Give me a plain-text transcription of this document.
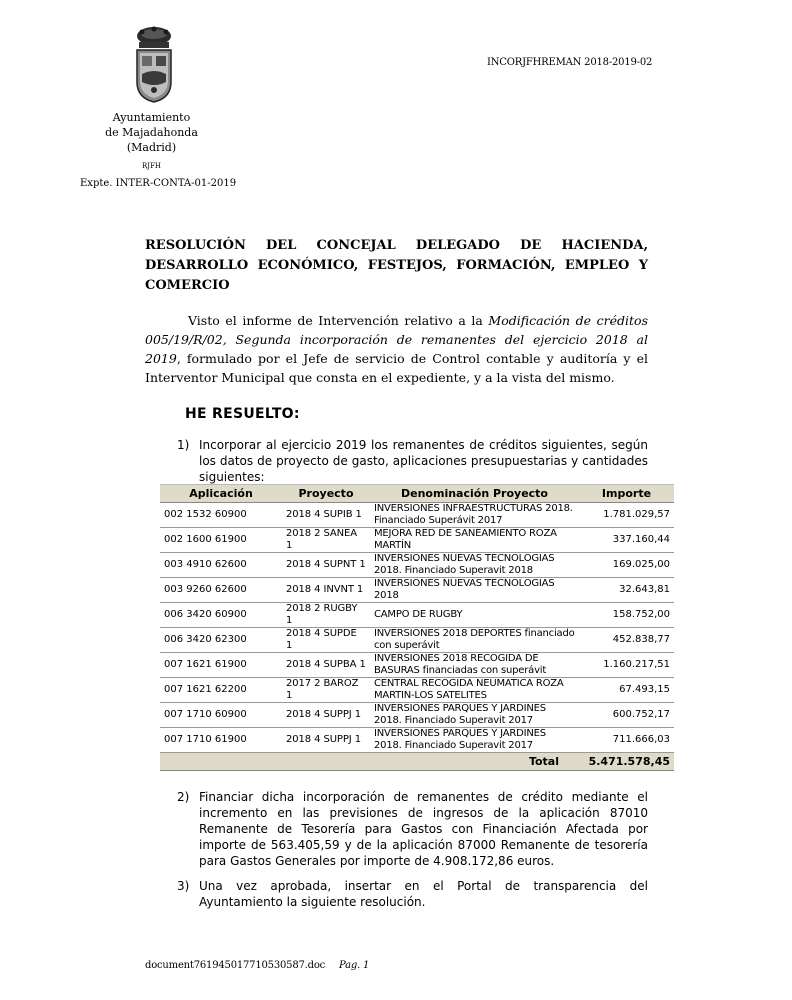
Ayuntamiento
de Majadahonda
(Madrid)
RJFH
Expte. INTER-CONTA-01-2019
INCORJFHREMAN 2018-2019-02
RESOLUCIÓN DEL CONCEJAL DELEGADO DE HACIENDA,
DESARROLLO ECONÓMICO, FESTEJOS, FORMACIÓN, EMPLEO Y
COMERCIO
Visto el informe de Intervención relativo a la Modificación de créditos
005/19/R/02, Segunda incorporación de remanentes del ejercicio 2018 al 2019, formulado por el Jefe de servicio de Control contable y auditoría y el Interventor Municipal que consta en el expediente, y a la vista del mismo.
HE RESUELTO:
1) Incorporar al ejercicio 2019 los remanentes de créditos siguientes, según los datos de proyecto de gasto, aplicaciones presupuestarias y cantidades siguientes:
Aplicación	Proyecto	Denominación Proyecto	Importe
002 1532 60900	2018 4 SUPIB 1	INVERSIONES INFRAESTRUCTURAS 2018. Financiado Superávit 2017	1.781.029,57
002 1600 61900	2018 2 SANEA 1	MEJORA RED DE SANEAMIENTO ROZA MARTÍN	337.160,44
003 4910 62600	2018 4 SUPNT 1	INVERSIONES NUEVAS TECNOLOGIAS 2018. Financiado Superavit 2018	169.025,00
003 9260 62600	2018 4 INVNT 1	INVERSIONES NUEVAS TECNOLOGIAS 2018	32.643,81
006 3420 60900	2018 2 RUGBY 1	CAMPO DE RUGBY	158.752,00
006 3420 62300	2018 4 SUPDE 1	INVERSIONES 2018 DEPORTES financiado con superávit	452.838,77
007 1621 61900	2018 4 SUPBA 1	INVERSIONES 2018 RECOGIDA DE BASURAS financiadas con superávit	1.160.217,51
007 1621 62200	2017 2 BAROZ 1	CENTRAL RECOGIDA NEUMATICA ROZA MARTIN-LOS SATELITES	67.493,15
007 1710 60900	2018 4 SUPPJ 1	INVERSIONES PARQUES Y JARDINES 2018. Financiado Superavit 2017	600.752,17
007 1710 61900	2018 4 SUPPJ 1	INVERSIONES PARQUES Y JARDINES 2018. Financiado Superavit 2017	711.666,03
		Total	5.471.578,45
2) Financiar dicha incorporación de remanentes de crédito mediante el incremento en las previsiones de ingresos de la aplicación 87010 Remanente de Tesorería para Gastos con Financiación Afectada por importe de 563.405,59 y de la aplicación 87000 Remanente de tesorería para Gastos Generales por importe de 4.908.172,86 euros.
3) Una vez aprobada, insertar en el Portal de transparencia del Ayuntamiento la siguiente resolución.
document761945017710530587.doc Pag. 1
